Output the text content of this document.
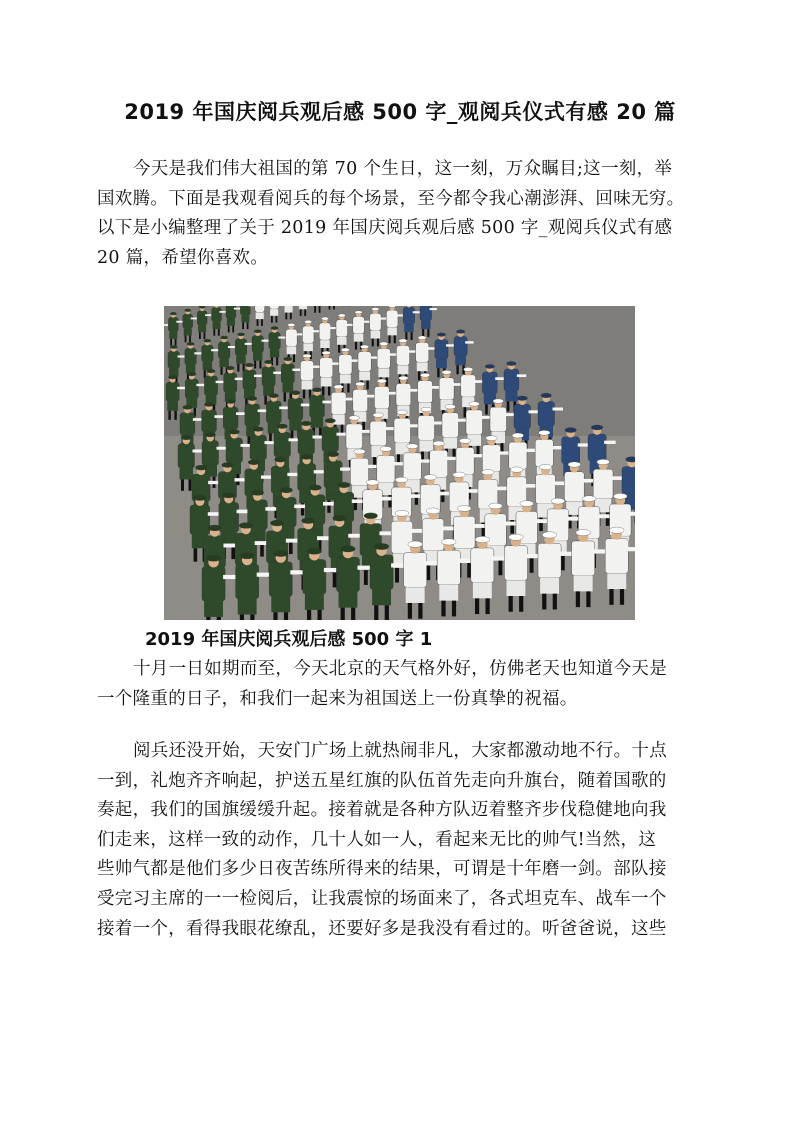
2019 年国庆阅兵观后感 500 字_观阅兵仪式有感 20 篇
今天是我们伟大祖国的第 70 个生日，这一刻，万众瞩目;这一刻，举
国欢腾。下面是我观看阅兵的每个场景，至今都令我心潮澎湃、回味无穷。
以下是小编整理了关于 2019 年国庆阅兵观后感 500 字_观阅兵仪式有感
20 篇，希望你喜欢。
2019 年国庆阅兵观后感 500 字 1
十月一日如期而至，今天北京的天气格外好，仿佛老天也知道今天是
一个隆重的日子，和我们一起来为祖国送上一份真挚的祝福。
阅兵还没开始，天安门广场上就热闹非凡，大家都激动地不行。十点
一到，礼炮齐齐响起，护送五星红旗的队伍首先走向升旗台，随着国歌的
奏起，我们的国旗缓缓升起。接着就是各种方队迈着整齐步伐稳健地向我
们走来，这样一致的动作，几十人如一人，看起来无比的帅气!当然，这
些帅气都是他们多少日夜苦练所得来的结果，可谓是十年磨一剑。部队接
受完习主席的一一检阅后，让我震惊的场面来了，各式坦克车、战车一个
接着一个，看得我眼花缭乱，还要好多是我没有看过的。听爸爸说，这些
